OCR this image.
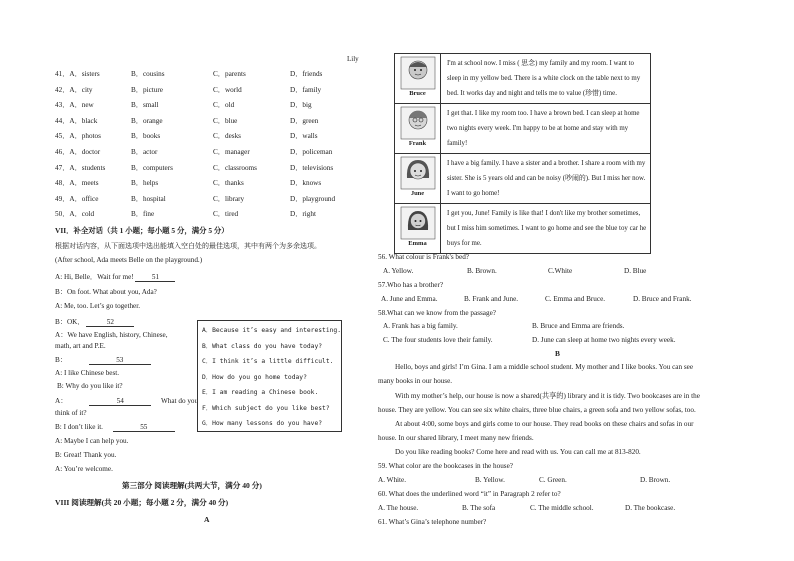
Lily
41．A．sisters	B．cousins	C．parents	D．friends
42．A．city	B．picture	C．world	D．family
43．A．new	B．small	C．old	D．big
44．A．black	B．orange	C．blue	D．green
45．A．photos	B．books	C．desks	D．walls
46．A．doctor	B．actor	C．manager	D．policeman
47．A．students	B．computers	C．classrooms	D．televisions
48．A．meets	B．helps	C．thanks	D．knows
49．A．office	B．hospital	C．library	D．playground
50．A．cold	B．fine	C．tired	D．right
VII．补全对话（共 1 小题；每小题 5 分，满分 5 分）
根据对话内容，从下面选项中选出能填入空白处的最佳选项，其中有两个为多余选项。
(After school, Ada meets Belle on the playground.)
A: Hi, Belle．Wait for me!	51
B：On foot. What about you, Ada?
A: Me, too. Let’s go together.
B：OK．	52
A：We have English, history, Chinese,
math, art and P.E.
B：	53
A: I like Chinese best.
B: Why do you like it?
A：	54	What do you
think of it?
B: I don’t like it.	55
A: Maybe I can help you.
B: Great! Thank you.
A: You’re welcome.
A．Because it’s easy and interesting.
B．What class do you have today?
C．I think it’s a little difficult.
D．How do you go home today?
E．I am reading a Chinese book.
F．Which subject do you like best?
G．How many lessons do you have?
第三部分 阅读理解(共两大节，满分 40 分)
VIII 阅读理解(共 20 小题；每小题 2 分，满分 40 分)
A
Bruce	I'm at school now. I miss ( 思念) my family and my room. I want to sleep in my yellow bed. There is a white clock on the table next to my bed. It works day and night and tells me to value (珍惜) time.

Frank	I get that. I like my room too. I have a brown bed. I can sleep at home two nights every week. I'm happy to be at home and stay with my family!

June	I have a big family. I have a sister and a brother. I share a room with my sister. She is 5 years old and can be noisy (吵闹的). But I miss her now. I want to go home!

Emma	I get you, June! Family is like that! I don't like my brother sometimes, but I miss him sometimes. I want to go home and see the blue toy car he buys for me.
56. What colour is Frank's bed?
A. Yellow.	B. Brown.	C.White	D. Blue
57.Who has a brother?
A. June and Emma.	B. Frank and June.	C. Emma and Bruce.	D. Bruce and Frank.
58.What can we know from the passage?
A. Frank has a big family.	B. Bruce and Emma are friends.
C. The four students love their family.	D. June can sleep at home two nights every week.
B
Hello, boys and girls! I’m Gina. I am a middle school student. My mother and I like books. You can see
many books in our house.
With my mother’s help, our house is now a shared(共享的) library and it is tidy. Two bookcases are in the
house. They are yellow. You can see six white chairs, three blue chairs, a green sofa and two yellow sofas, too.
At about 4:00, some boys and girls come to our house. They read books on these chairs and sofas in our
house. In our shared library, I meet many new friends.
Do you like reading books? Come here and read with us. You can call me at 813-820.
59. What color are the bookcases in the house?
A. White.	B. Yellow.	C. Green.	D. Brown.
60. What does the underlined word “it” in Paragraph 2 refer to?
A. The house.	B. The sofa	C. The middle school.	D. The bookcase.
61. What’s Gina’s telephone number?
